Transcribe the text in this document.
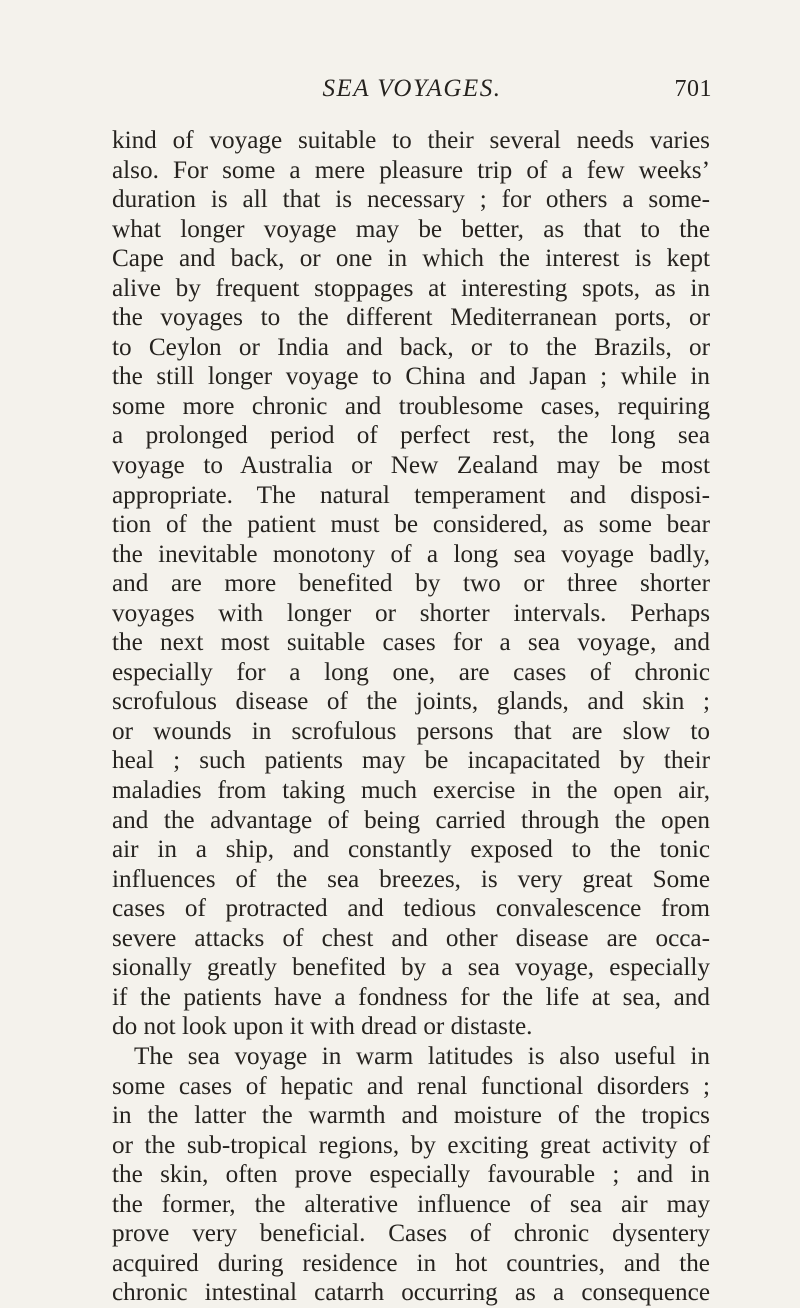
SEA VOYAGES.	701
kind of voyage suitable to their several needs varies
also. For some a mere pleasure trip of a few weeks’
duration is all that is necessary ; for others a some-
what longer voyage may be better, as that to the
Cape and back, or one in which the interest is kept
alive by frequent stoppages at interesting spots, as in
the voyages to the different Mediterranean ports, or
to Ceylon or India and back, or to the Brazils, or
the still longer voyage to China and Japan ; while in
some more chronic and troublesome cases, requiring
a prolonged period of perfect rest, the long sea
voyage to Australia or New Zealand may be most
appropriate. The natural temperament and disposi-
tion of the patient must be considered, as some bear
the inevitable monotony of a long sea voyage badly,
and are more benefited by two or three shorter
voyages with longer or shorter intervals. Perhaps
the next most suitable cases for a sea voyage, and
especially for a long one, are cases of chronic
scrofulous disease of the joints, glands, and skin ;
or wounds in scrofulous persons that are slow to
heal ; such patients may be incapacitated by their
maladies from taking much exercise in the open air,
and the advantage of being carried through the open
air in a ship, and constantly exposed to the tonic
influences of the sea breezes, is very great Some
cases of protracted and tedious convalescence from
severe attacks of chest and other disease are occa-
sionally greatly benefited by a sea voyage, especially
if the patients have a fondness for the life at sea, and
do not look upon it with dread or distaste.
The sea voyage in warm latitudes is also useful in
some cases of hepatic and renal functional disorders ;
in the latter the warmth and moisture of the tropics
or the sub-tropical regions, by exciting great activity of
the skin, often prove especially favourable ; and in
the former, the alterative influence of sea air may
prove very beneficial. Cases of chronic dysentery
acquired during residence in hot countries, and the
chronic intestinal catarrh occurring as a consequence
